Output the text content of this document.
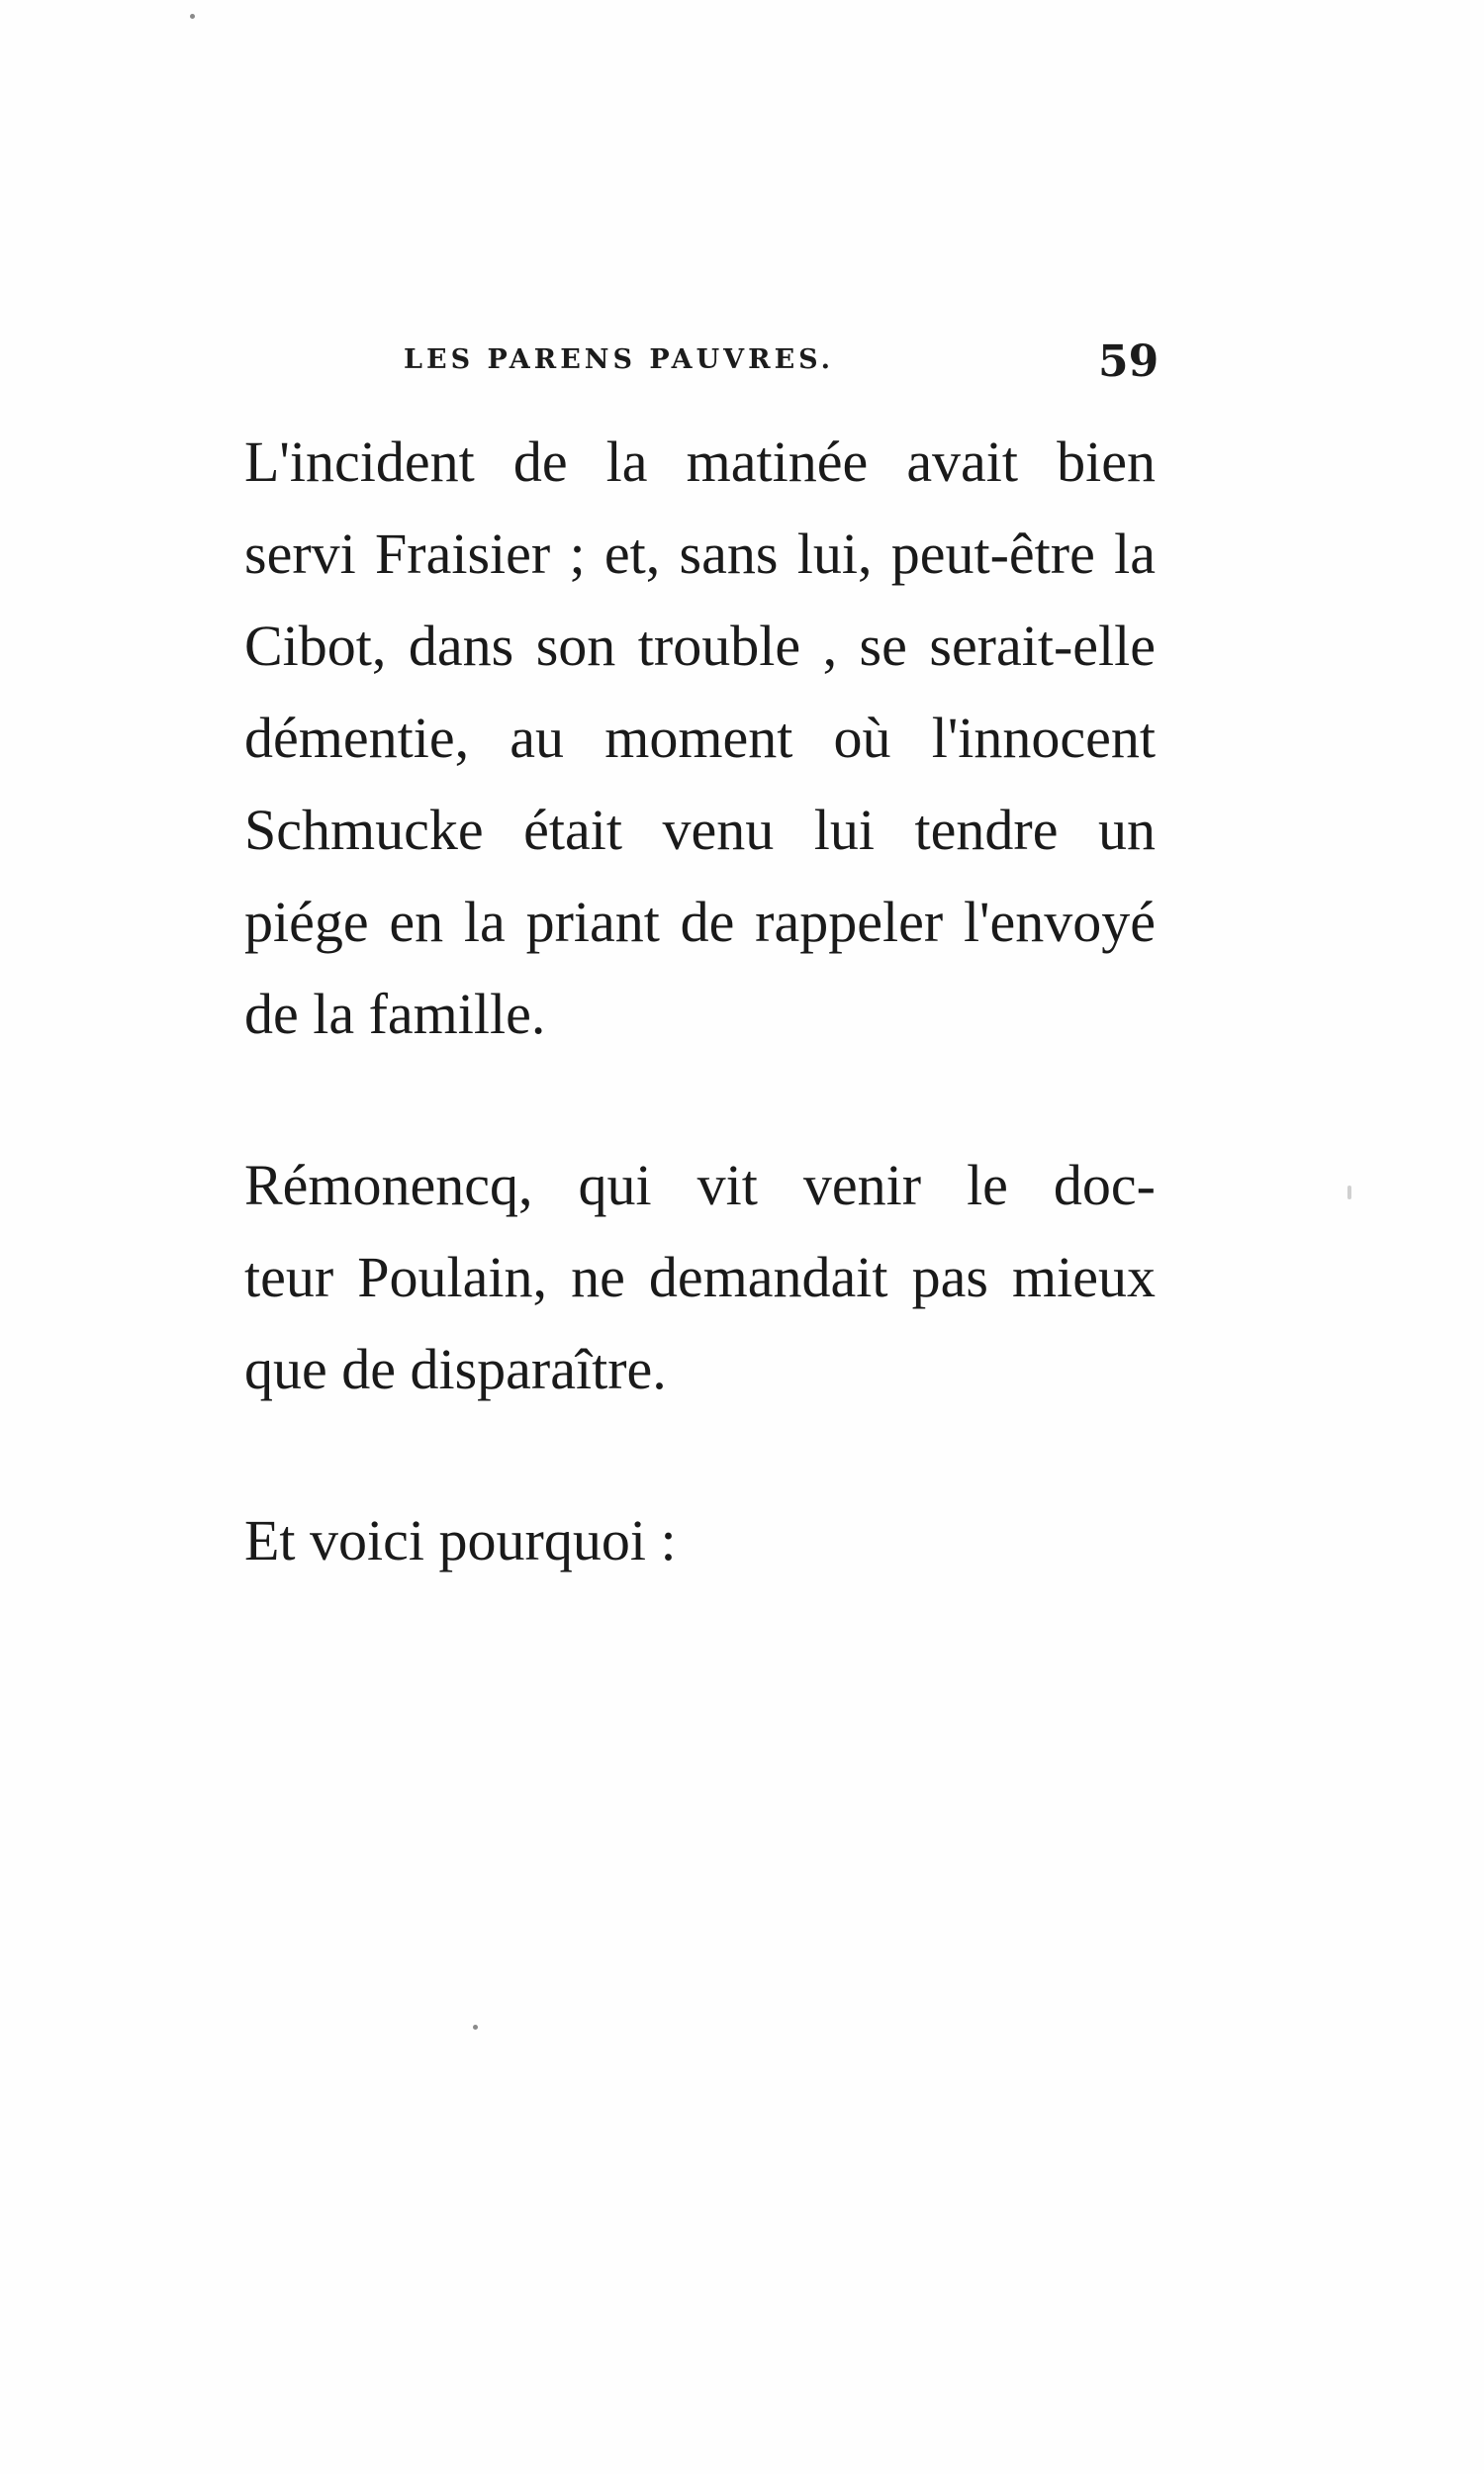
LES PARENS PAUVRES.	59

L'incident de la matinée avait bien
servi Fraisier ; et, sans lui, peut-être la
Cibot, dans son trouble , se serait-elle
démentie, au moment où l'innocent
Schmucke était venu lui tendre un
piége en la priant de rappeler l'envoyé
de la famille.

Rémonencq, qui vit venir le doc-
teur Poulain, ne demandait pas mieux
que de disparaître.

Et voici pourquoi :
